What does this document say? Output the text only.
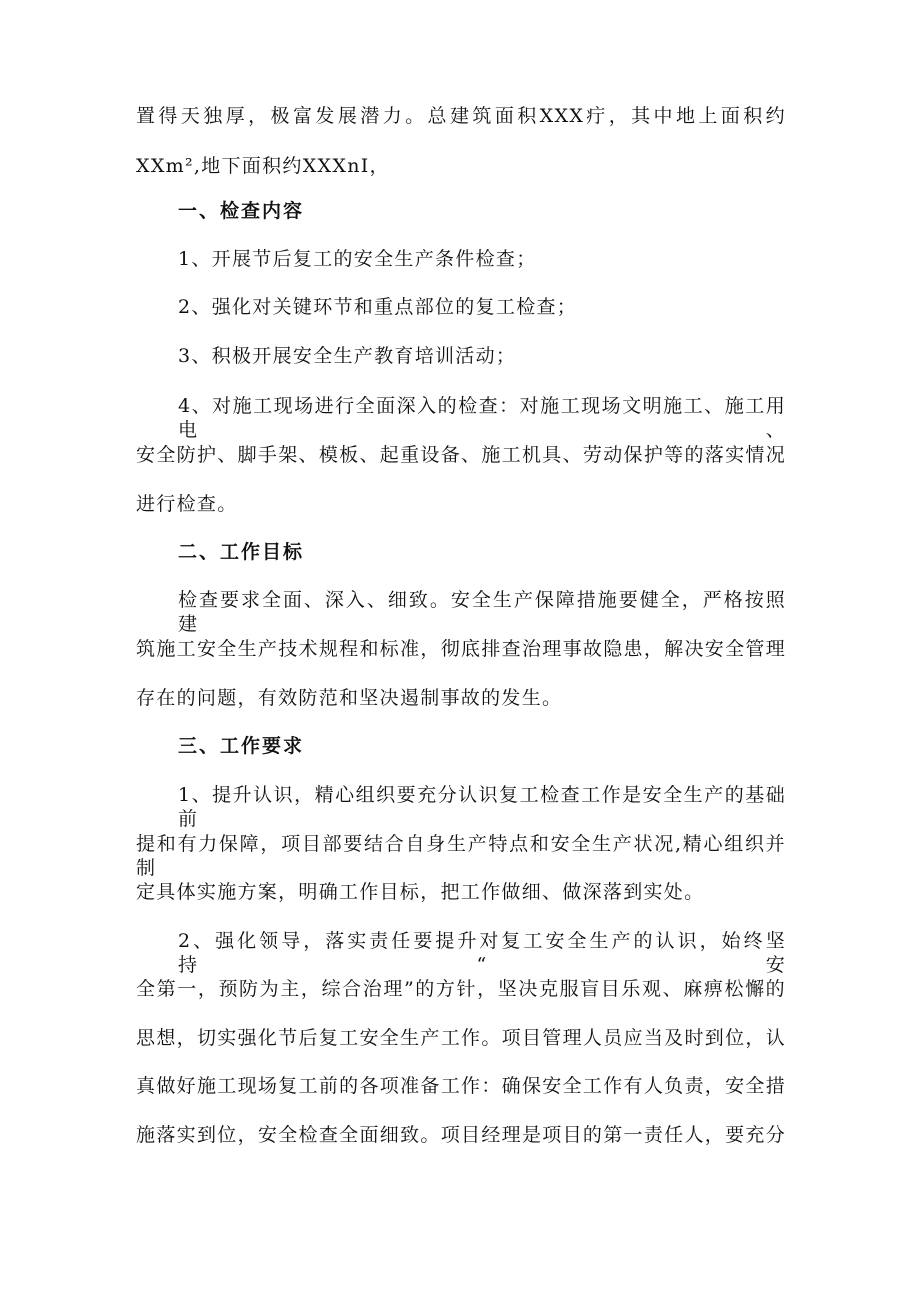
置得天独厚，极富发展潜力。总建筑面积XXX疔，其中地上面积约
XXm²,地下面积约XXXnI，
一、检查内容
1、开展节后复工的安全生产条件检查；
2、强化对关键环节和重点部位的复工检查；
3、积极开展安全生产教育培训活动；
4、对施工现场进行全面深入的检查：对施工现场文明施工、施工用电、
安全防护、脚手架、模板、起重设备、施工机具、劳动保护等的落实情况
进行检查。
二、工作目标
检查要求全面、深入、细致。安全生产保障措施要健全，严格按照建
筑施工安全生产技术规程和标准，彻底排查治理事故隐患，解决安全管理
存在的问题，有效防范和坚决遏制事故的发生。
三、工作要求
1、提升认识，精心组织要充分认识复工检查工作是安全生产的基础前
提和有力保障，项目部要结合自身生产特点和安全生产状况,精心组织并制
定具体实施方案，明确工作目标，把工作做细、做深落到实处。
2、强化领导，落实责任要提升对复工安全生产的认识，始终坚持“安
全第一，预防为主，综合治理”的方针，坚决克服盲目乐观、麻痹松懈的
思想，切实强化节后复工安全生产工作。项目管理人员应当及时到位，认
真做好施工现场复工前的各项准备工作：确保安全工作有人负责，安全措
施落实到位，安全检查全面细致。项目经理是项目的第一责任人，要充分
